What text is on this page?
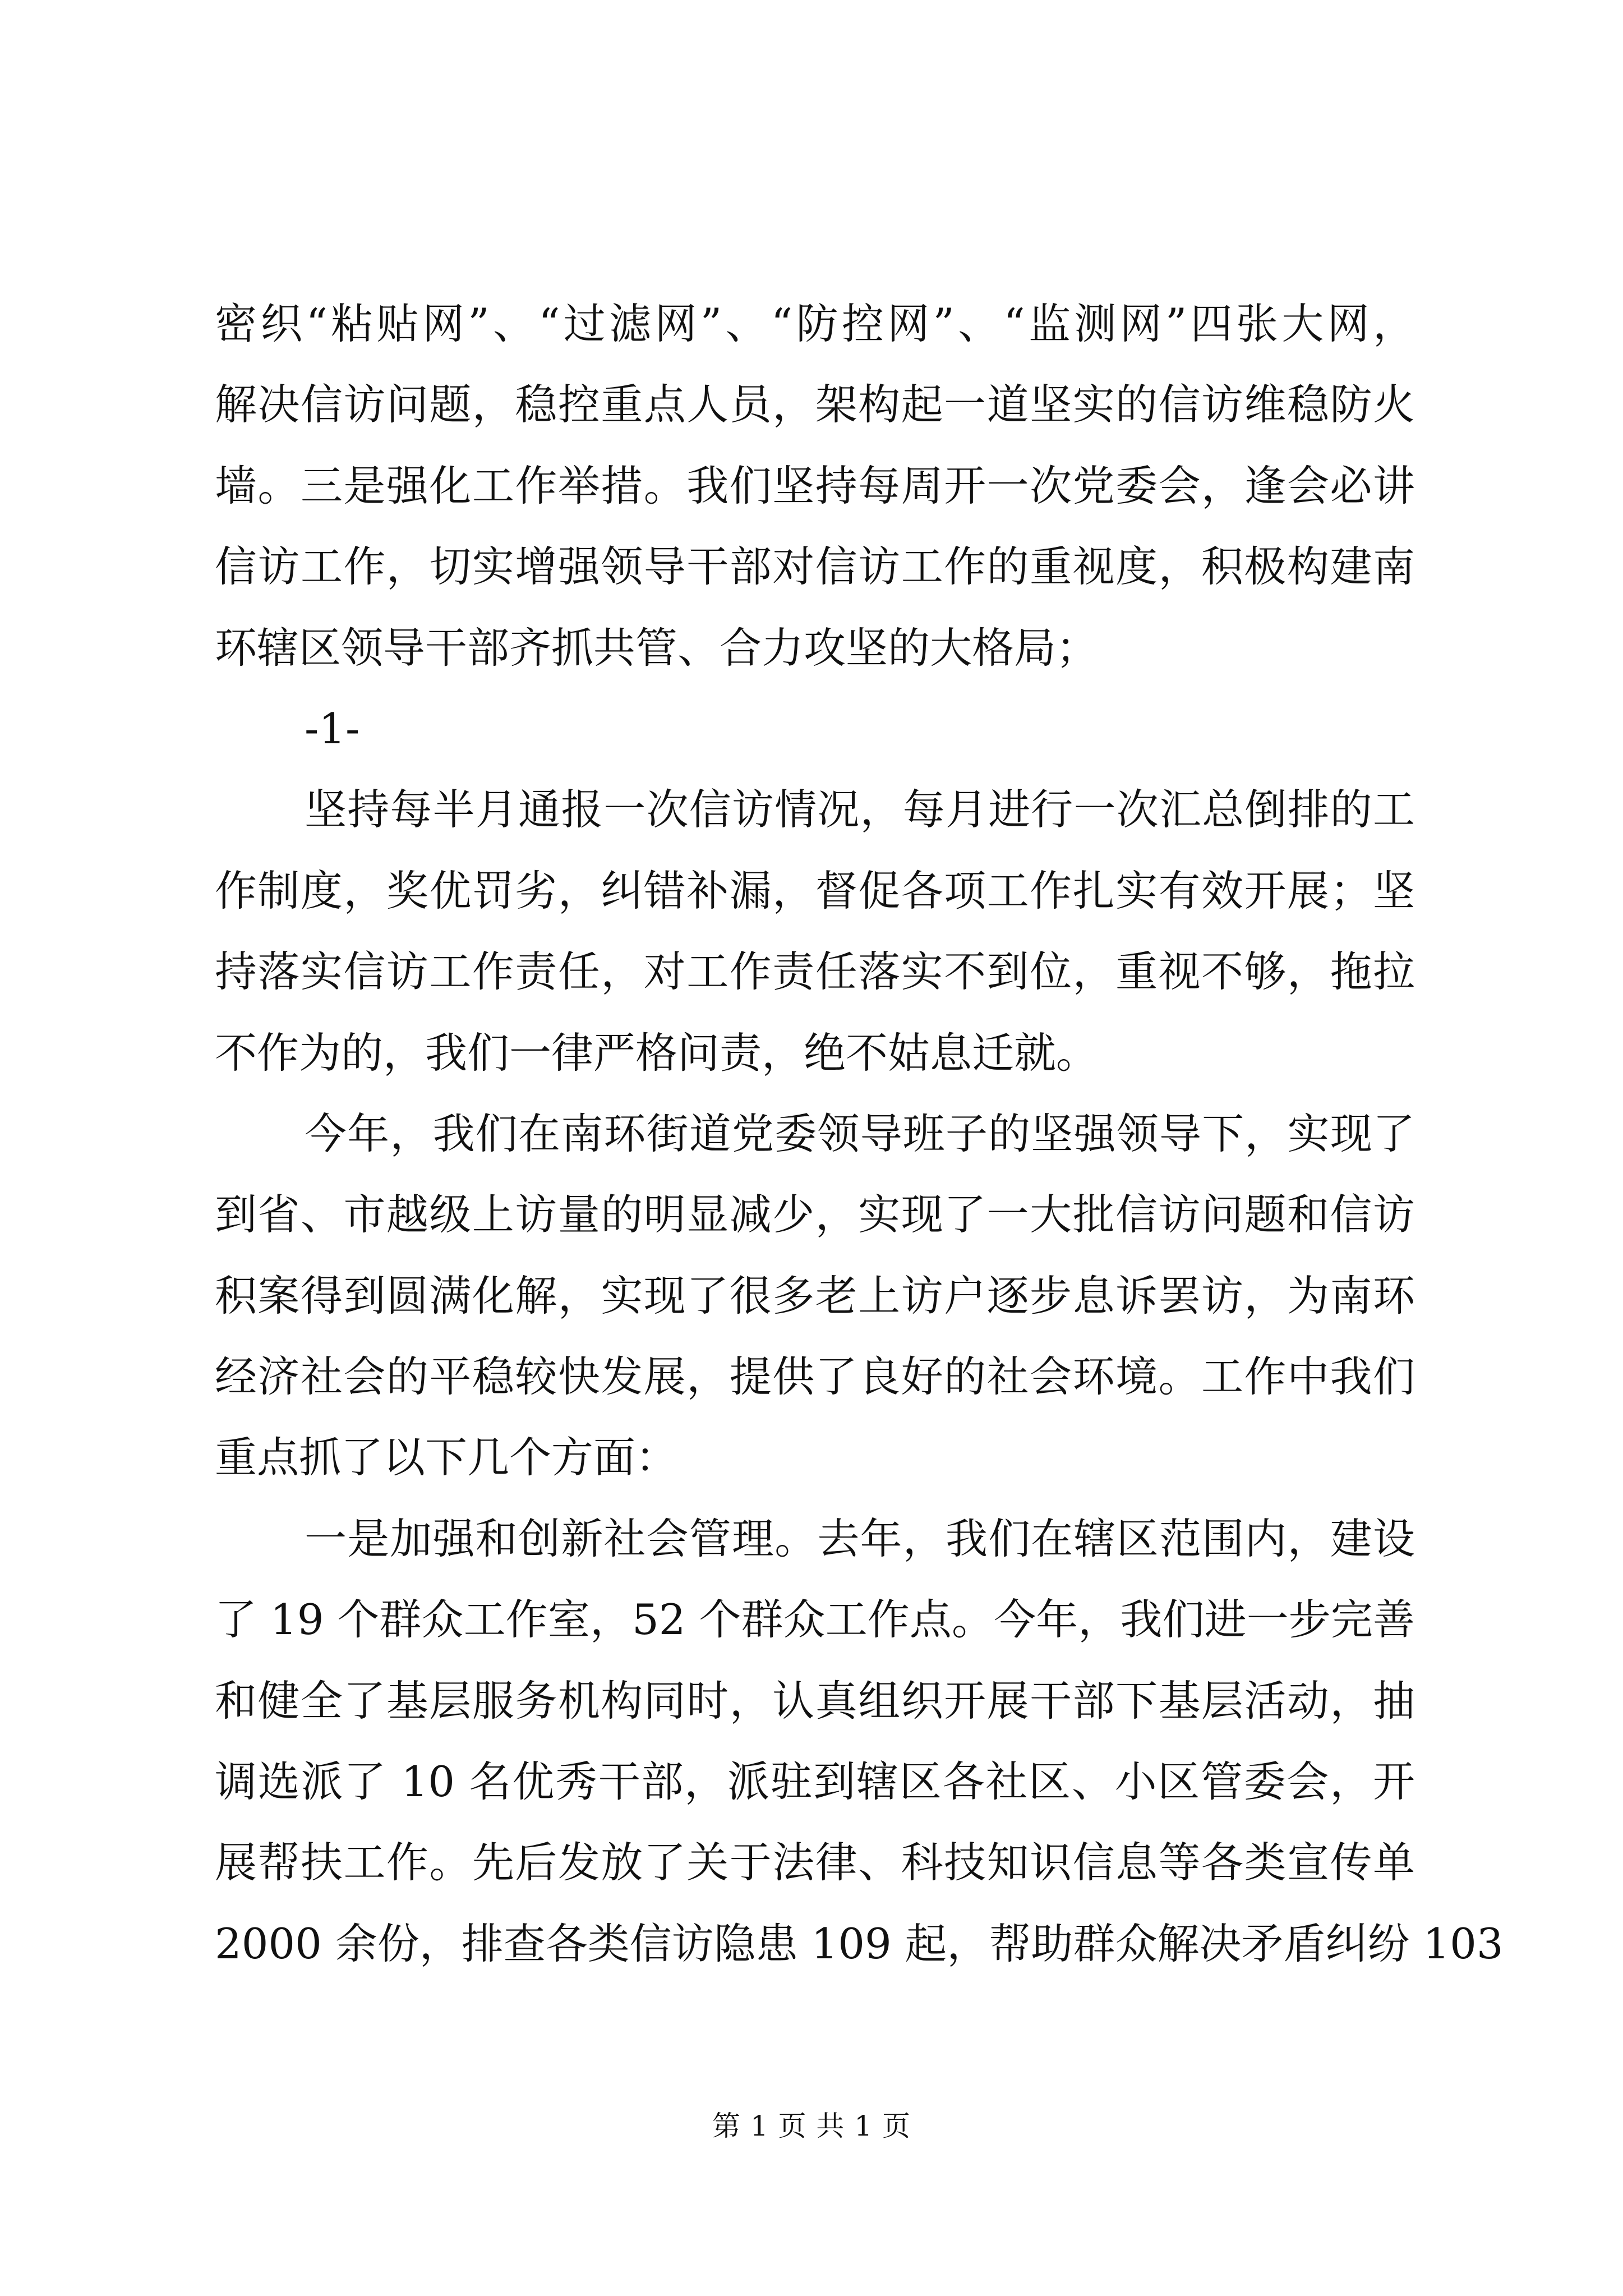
密织“粘贴网”、“过滤网”、“防控网”、“监测网”四张大网，
解决信访问题，稳控重点人员，架构起一道坚实的信访维稳防火
墙。三是强化工作举措。我们坚持每周开一次党委会，逢会必讲
信访工作，切实增强领导干部对信访工作的重视度，积极构建南
环辖区领导干部齐抓共管、合力攻坚的大格局；
-1-
坚持每半月通报一次信访情况，每月进行一次汇总倒排的工
作制度，奖优罚劣，纠错补漏，督促各项工作扎实有效开展；坚
持落实信访工作责任，对工作责任落实不到位，重视不够，拖拉
不作为的，我们一律严格问责，绝不姑息迁就。
今年，我们在南环街道党委领导班子的坚强领导下，实现了
到省、市越级上访量的明显减少，实现了一大批信访问题和信访
积案得到圆满化解，实现了很多老上访户逐步息诉罢访，为南环
经济社会的平稳较快发展，提供了良好的社会环境。工作中我们
重点抓了以下几个方面：
一是加强和创新社会管理。去年，我们在辖区范围内，建设
了 19 个群众工作室，52 个群众工作点。今年，我们进一步完善
和健全了基层服务机构同时，认真组织开展干部下基层活动，抽
调选派了 10 名优秀干部，派驻到辖区各社区、小区管委会，开
展帮扶工作。先后发放了关于法律、科技知识信息等各类宣传单
2000 余份，排查各类信访隐患 109 起，帮助群众解决矛盾纠纷 103
第 1 页 共 1 页
